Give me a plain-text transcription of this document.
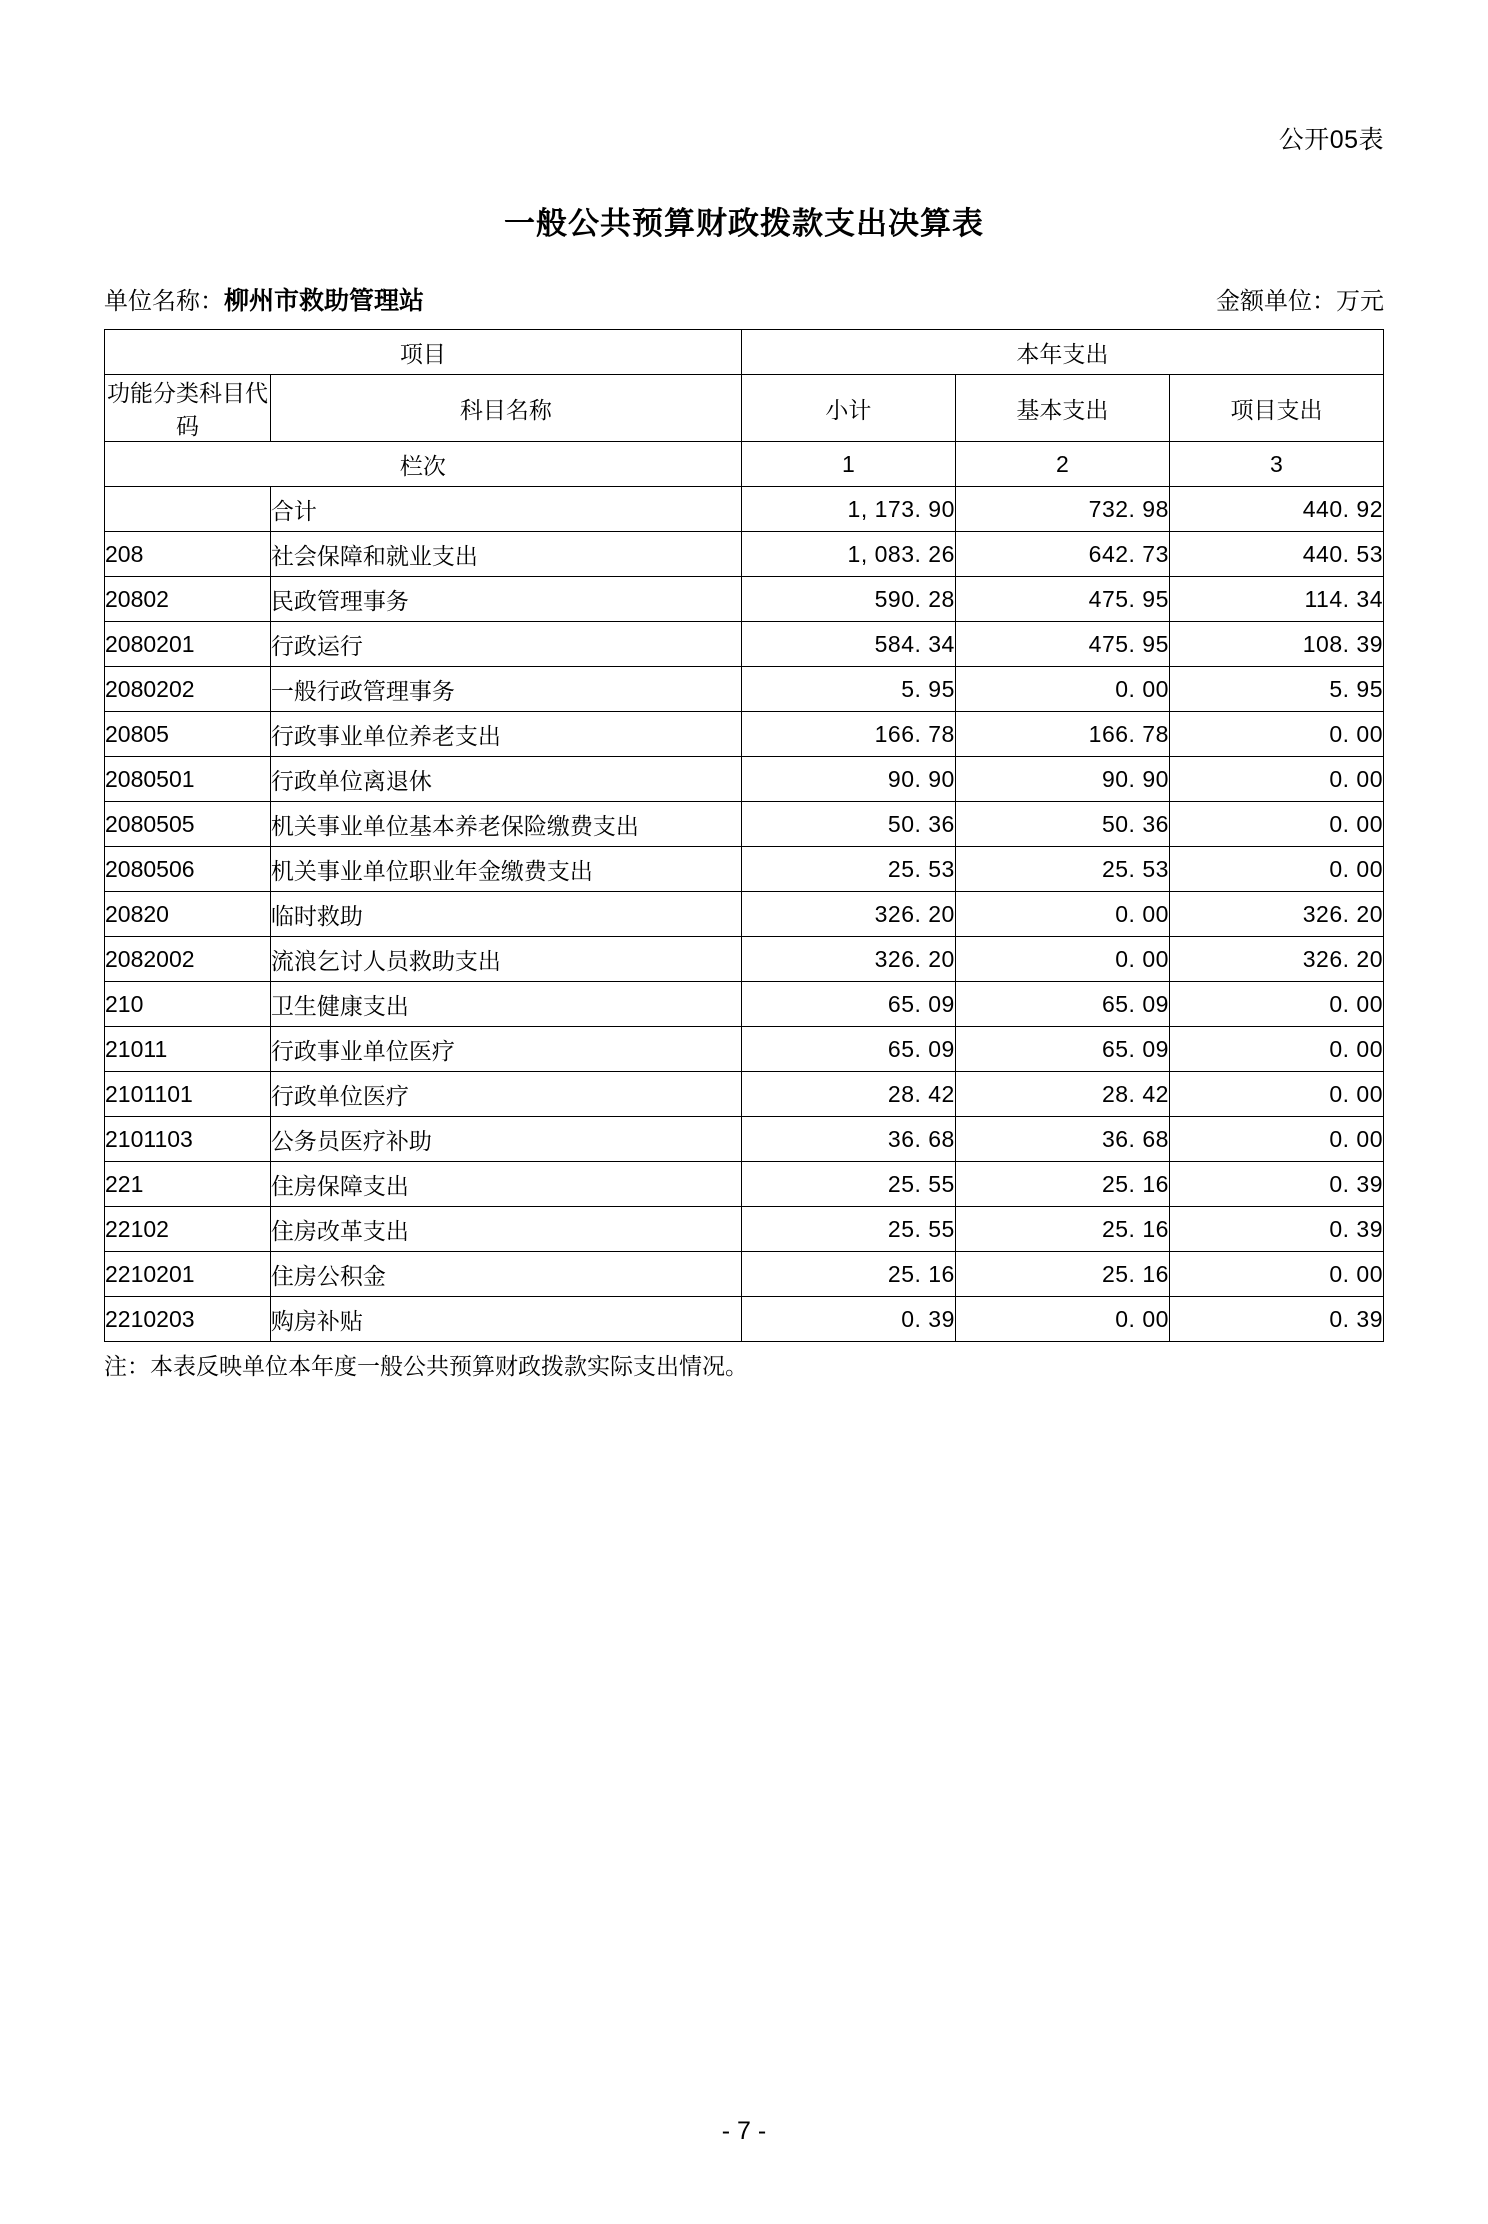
公开05表
一般公共预算财政拨款支出决算表
单位名称：柳州市救助管理站	金额单位：万元
项目		本年支出		
功能分类科目代码	科目名称	小计	基本支出	项目支出
栏次		1	2	3
	合计	1, 173. 90	732. 98	440. 92
208	社会保障和就业支出	1, 083. 26	642. 73	440. 53
20802	民政管理事务	590. 28	475. 95	114. 34
2080201	行政运行	584. 34	475. 95	108. 39
2080202	一般行政管理事务	5. 95	0. 00	5. 95
20805	行政事业单位养老支出	166. 78	166. 78	0. 00
2080501	行政单位离退休	90. 90	90. 90	0. 00
2080505	机关事业单位基本养老保险缴费支出	50. 36	50. 36	0. 00
2080506	机关事业单位职业年金缴费支出	25. 53	25. 53	0. 00
20820	临时救助	326. 20	0. 00	326. 20
2082002	流浪乞讨人员救助支出	326. 20	0. 00	326. 20
210	卫生健康支出	65. 09	65. 09	0. 00
21011	行政事业单位医疗	65. 09	65. 09	0. 00
2101101	行政单位医疗	28. 42	28. 42	0. 00
2101103	公务员医疗补助	36. 68	36. 68	0. 00
221	住房保障支出	25. 55	25. 16	0. 39
22102	住房改革支出	25. 55	25. 16	0. 39
2210201	住房公积金	25. 16	25. 16	0. 00
2210203	购房补贴	0. 39	0. 00	0. 39
注：本表反映单位本年度一般公共预算财政拨款实际支出情况。
- 7 -
